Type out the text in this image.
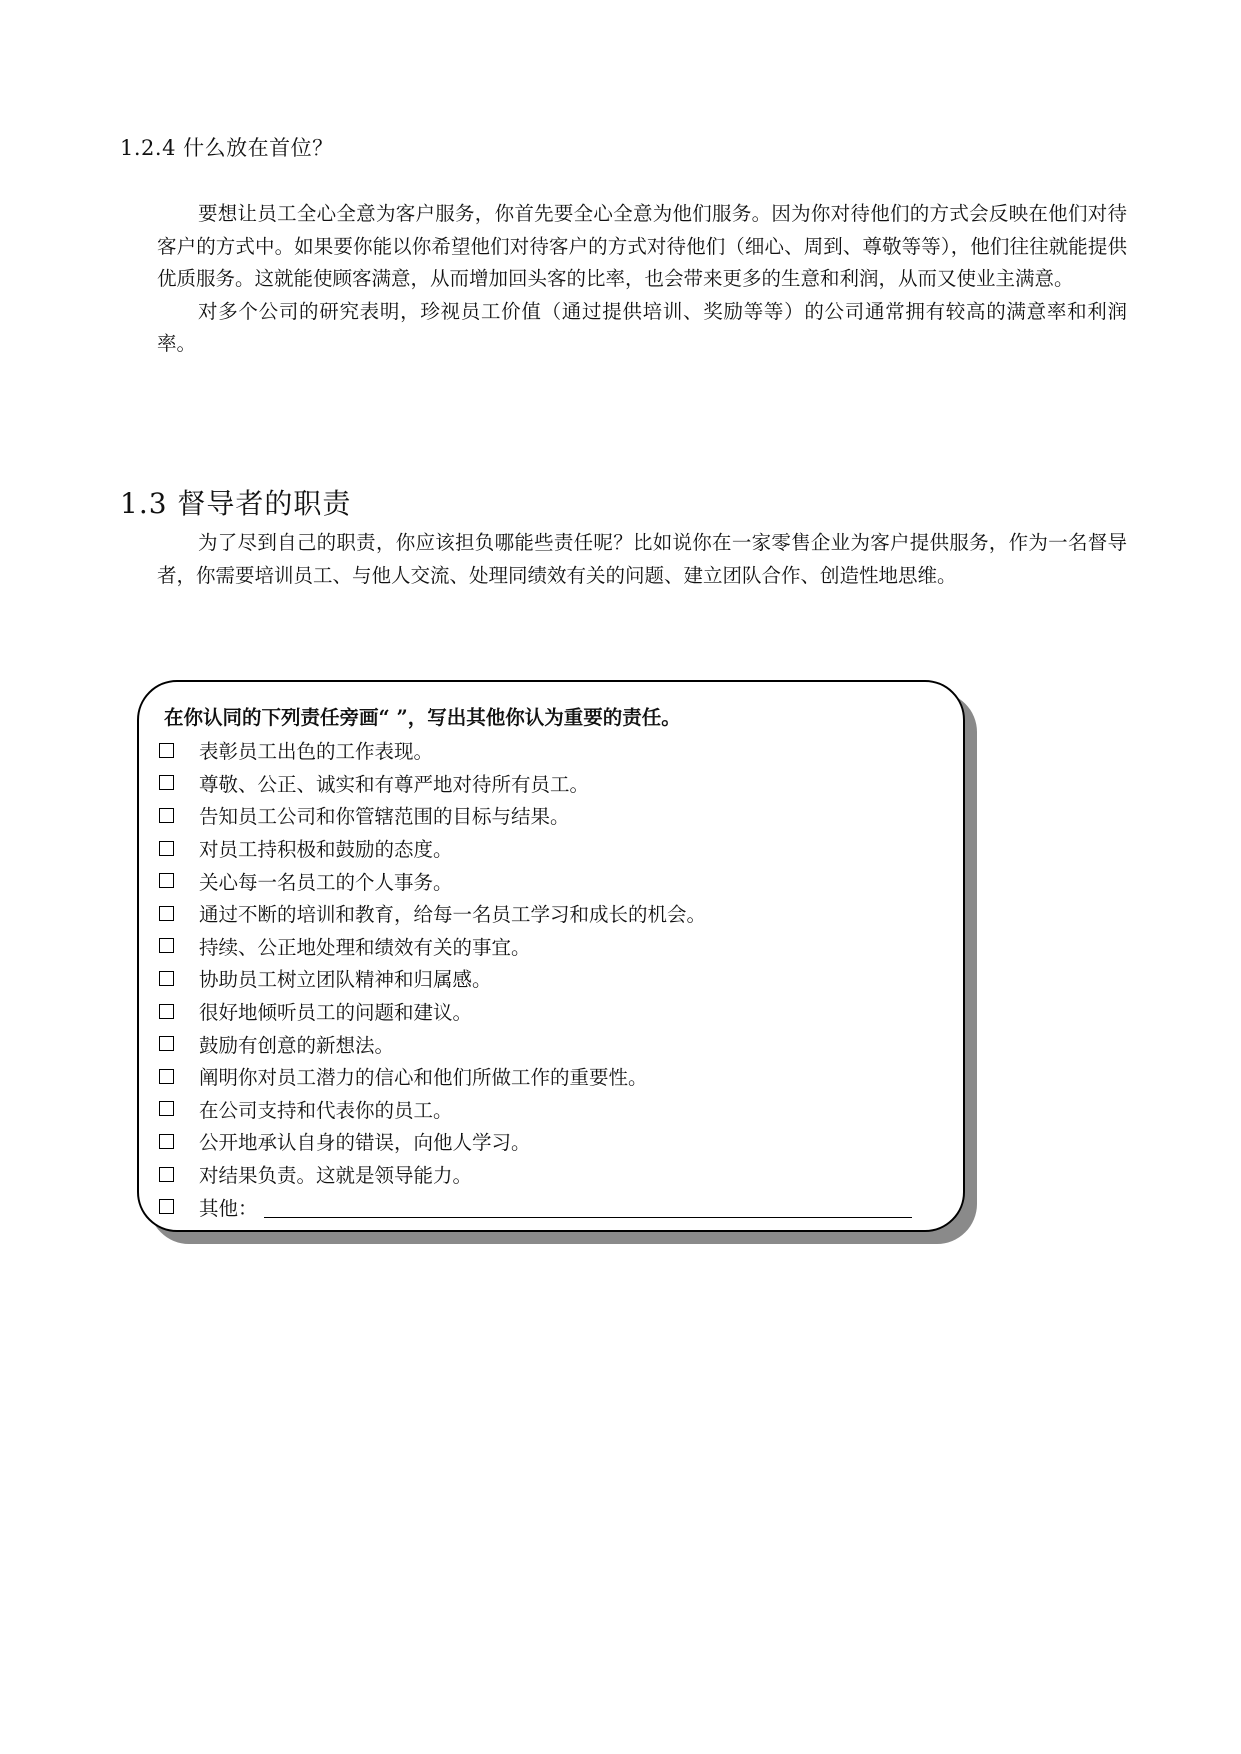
1.2.4 什么放在首位？

要想让员工全心全意为客户服务，你首先要全心全意为他们服务。因为你对待他们的方式会反映在他们对待客户的方式中。如果要你能以你希望他们对待客户的方式对待他们（细心、周到、尊敬等等），他们往往就能提供优质服务。这就能使顾客满意，从而增加回头客的比率，也会带来更多的生意和利润，从而又使业主满意。

对多个公司的研究表明，珍视员工价值（通过提供培训、奖励等等）的公司通常拥有较高的满意率和利润率。

1.3 督导者的职责

为了尽到自己的职责，你应该担负哪能些责任呢？比如说你在一家零售企业为客户提供服务，作为一名督导者，你需要培训员工、与他人交流、处理同绩效有关的问题、建立团队合作、创造性地思维。

在你认同的下列责任旁画“ ”，写出其他你认为重要的责任。

表彰员工出色的工作表现。
尊敬、公正、诚实和有尊严地对待所有员工。
告知员工公司和你管辖范围的目标与结果。
对员工持积极和鼓励的态度。
关心每一名员工的个人事务。
通过不断的培训和教育，给每一名员工学习和成长的机会。
持续、公正地处理和绩效有关的事宜。
协助员工树立团队精神和归属感。
很好地倾听员工的问题和建议。
鼓励有创意的新想法。
阐明你对员工潜力的信心和他们所做工作的重要性。
在公司支持和代表你的员工。
公开地承认自身的错误，向他人学习。
对结果负责。这就是领导能力。
其他：
